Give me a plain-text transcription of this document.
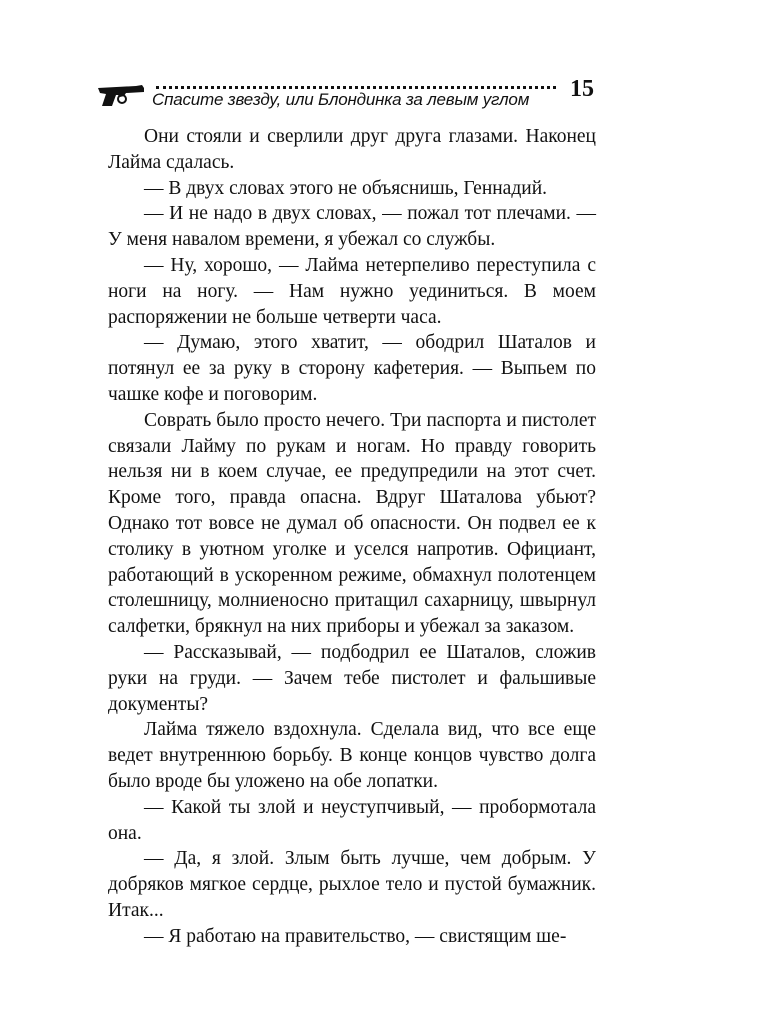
Спасите звезду, или Блондинка за левым углом	15

Они стояли и сверлили друг друга глазами. Наконец Лайма сдалась.

— В двух словах этого не объяснишь, Геннадий.

— И не надо в двух словах, — пожал тот плечами. — У меня навалом времени, я убежал со службы.

— Ну, хорошо, — Лайма нетерпеливо переступила с ноги на ногу. — Нам нужно уединиться. В моем распоряжении не больше четверти часа.

— Думаю, этого хватит, — ободрил Шаталов и потянул ее за руку в сторону кафетерия. — Выпьем по чашке кофе и поговорим.

Соврать было просто нечего. Три паспорта и пистолет связали Лайму по рукам и ногам. Но правду говорить нельзя ни в коем случае, ее предупредили на этот счет. Кроме того, правда опасна. Вдруг Шаталова убьют? Однако тот вовсе не думал об опасности. Он подвел ее к столику в уютном уголке и уселся напротив. Официант, работающий в ускоренном режиме, обмахнул полотенцем столешницу, молниеносно притащил сахарницу, швырнул салфетки, брякнул на них приборы и убежал за заказом.

— Рассказывай, — подбодрил ее Шаталов, сложив руки на груди. — Зачем тебе пистолет и фальшивые документы?

Лайма тяжело вздохнула. Сделала вид, что все еще ведет внутреннюю борьбу. В конце концов чувство долга было вроде бы уложено на обе лопатки.

— Какой ты злой и неуступчивый, — пробормотала она.

— Да, я злой. Злым быть лучше, чем добрым. У добряков мягкое сердце, рыхлое тело и пустой бумажник. Итак...

— Я работаю на правительство, — свистящим ше-
